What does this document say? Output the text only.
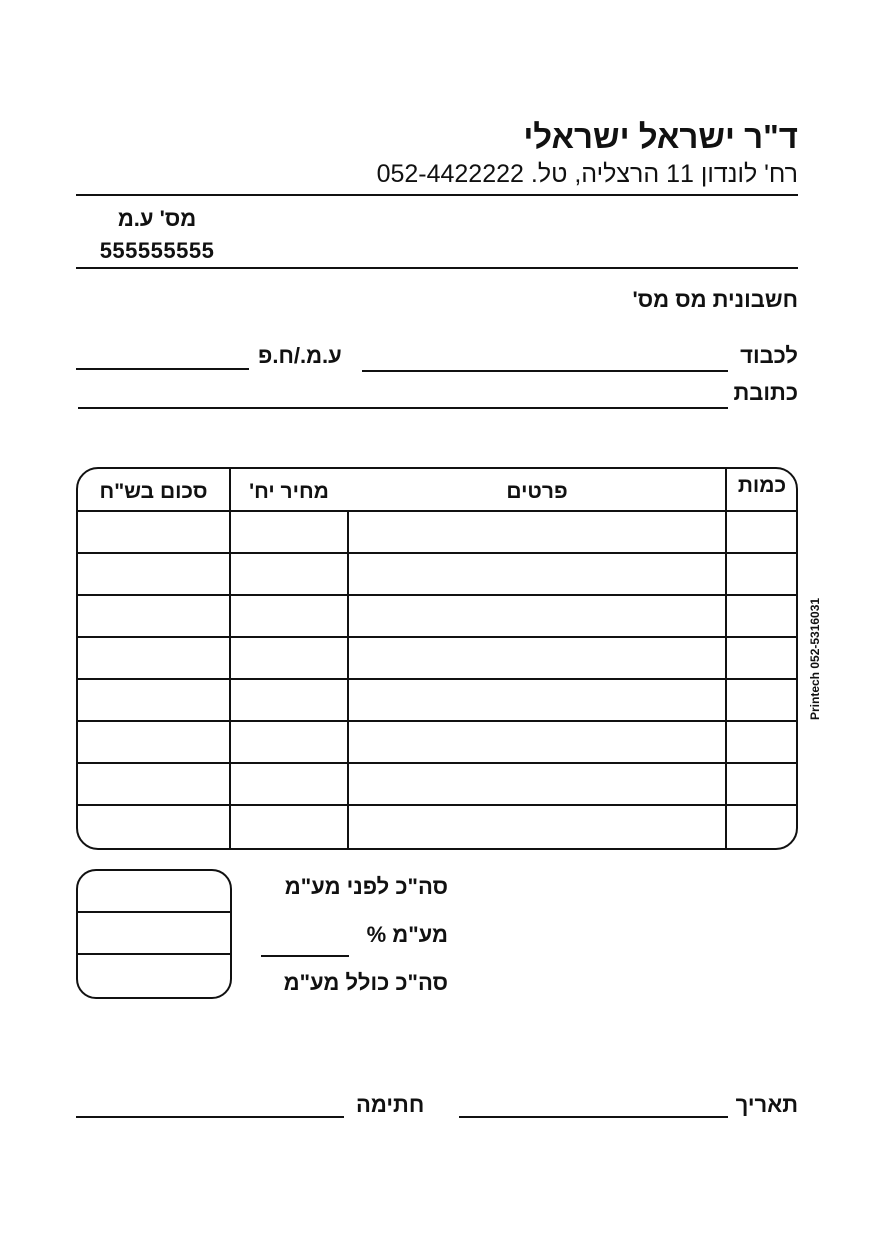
ד"ר ישראל ישראלי
רח' לונדון 11 הרצליה, טל. 052-4422222
מס' ע.מ
555555555
חשבונית מס מס'
לכבוד
ע.מ./ח.פ
כתובת
כמות
פרטים
מחיר יח'
סכום בש"ח
סה"כ לפני מע"מ
מע"מ %
סה"כ כולל מע"מ
תאריך
חתימה
Printech 052-5316031
